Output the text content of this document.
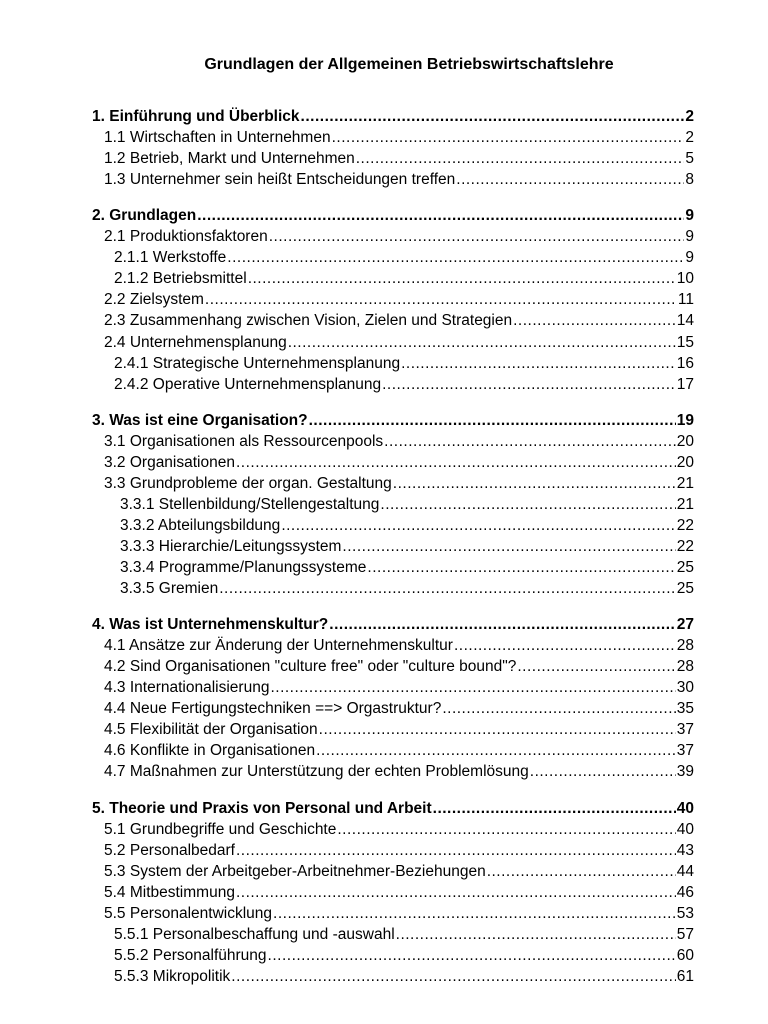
Grundlagen der Allgemeinen Betriebswirtschaftslehre
1. Einführung und Überblick .....	2
1.1 Wirtschaften in Unternehmen .....	2
1.2 Betrieb, Markt und Unternehmen .....	5
1.3 Unternehmer sein heißt Entscheidungen treffen .....	8
2. Grundlagen .....	9
2.1 Produktionsfaktoren .....	9
2.1.1 Werkstoffe .....	9
2.1.2 Betriebsmittel .....	10
2.2 Zielsystem .....	11
2.3 Zusammenhang zwischen Vision, Zielen und Strategien .....	14
2.4 Unternehmensplanung .....	15
2.4.1 Strategische Unternehmensplanung .....	16
2.4.2 Operative Unternehmensplanung .....	17
3. Was ist eine Organisation? .....	19
3.1 Organisationen als Ressourcenpools .....	20
3.2 Organisationen .....	20
3.3 Grundprobleme der organ. Gestaltung .....	21
3.3.1 Stellenbildung/Stellengestaltung .....	21
3.3.2 Abteilungsbildung .....	22
3.3.3 Hierarchie/Leitungssystem .....	22
3.3.4 Programme/Planungssysteme .....	25
3.3.5 Gremien .....	25
4. Was ist Unternehmenskultur? .....	27
4.1 Ansätze zur Änderung der Unternehmenskultur .....	28
4.2 Sind Organisationen "culture free" oder "culture bound"? .....	28
4.3 Internationalisierung .....	30
4.4 Neue Fertigungstechniken ==> Orgastruktur? .....	35
4.5 Flexibilität der Organisation .....	37
4.6 Konflikte in Organisationen .....	37
4.7 Maßnahmen zur Unterstützung der echten Problemlösung .....	39
5. Theorie und Praxis von Personal und Arbeit .....	40
5.1 Grundbegriffe und Geschichte .....	40
5.2 Personalbedarf .....	43
5.3 System der Arbeitgeber-Arbeitnehmer-Beziehungen .....	44
5.4 Mitbestimmung .....	46
5.5 Personalentwicklung .....	53
5.5.1 Personalbeschaffung und -auswahl .....	57
5.5.2 Personalführung .....	60
5.5.3 Mikropolitik .....	61
